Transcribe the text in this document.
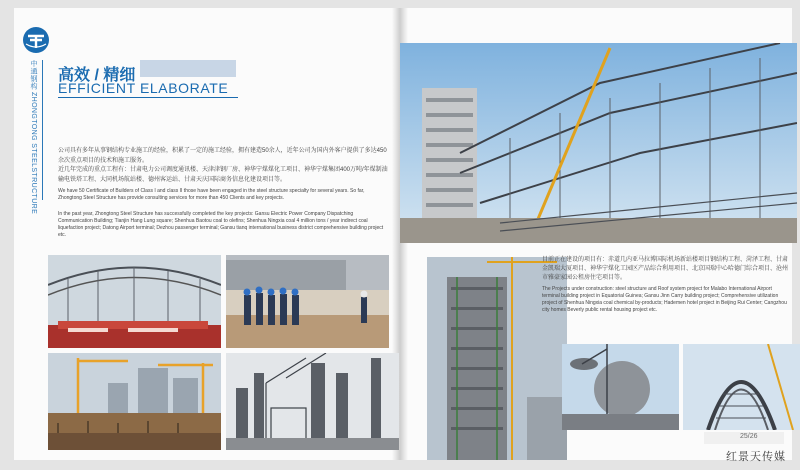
中通钢构 ZHONGTONG STEELSTRUCTURE 高效 / 精细
EFFICIENT ELABORATE

公司具有多年从事钢结构专业施工的经验，积累了一定的施工经验，拥有建造50余人，近年公司为国内外客户提供了多达450余次重点项目的技术和施工服务。

近几年完成的重点工程有：甘肃电力公司调度通讯楼、天津津钢厂房、神华宁煤煤化工项目、神华宁煤集团400万吨/年煤制油输电铁塔工程、大同机场航站楼、德州客运站、甘肃天庆国际商务信息化建设项目等。

We have 50 Certificate of Builders of Class I and class II those have been engaged in the steel structure specialty for several years. So far, Zhongtong Steel Structure has provide consulting services for more than 450 Clients and key projects.

In the past year, Zhongtong Steel Structure has successfully completed the key projects: Gansu Electric Power Company Dispatching Communication Building; Tianjin Hang Lung square; Shenhua Baotou coal to olefins; Shenhua Ningxia coal 4 million tons / year indirect coal liquefaction project; Datong Airport terminal; Dezhou passenger terminal; Gansu tianq international business district comprehensive building project etc.

目前正在建设的项目有：赤道几内亚马拉博国际机场新站楼项目钢结构工程、菏泽工程、甘肃金凯瑞大厦项目、神华宁煤化工园区产品综合利用项目、北京国瑞中心哈德门综合项目、沧州市雅豪家园公租房住宅项目等。

The Projects under construction: steel structure and Roof system project for Malabo International Airport terminal building project in Equatorial Guinea; Gansu Jinn Carry building project; Comprehensive utilization project of Shenhua Ningxia coal chemical by-products; Hademen hotel project in Beijing Rui Center; Cangzhou city homes Beverly public rental housing project etc.

25/26
红景天传媒
